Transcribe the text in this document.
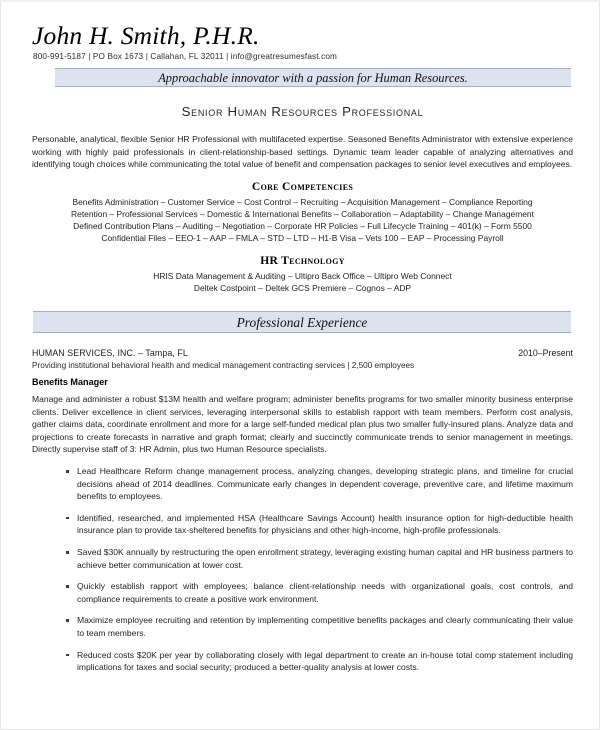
John H. Smith, P.H.R.
800-991-5187 | PO Box 1673 | Callahan, FL 32011 | info@greatresumesfast.com
Approachable innovator with a passion for Human Resources.
Senior Human Resources Professional

Personable, analytical, flexible Senior HR Professional with multifaceted expertise. Seasoned Benefits Administrator with extensive experience working with highly paid professionals in client-relationship-based settings. Dynamic team leader capable of analyzing alternatives and identifying tough choices while communicating the total value of benefit and compensation packages to senior level executives and employees.

Core Competencies
Benefits Administration – Customer Service – Cost Control – Recruiting – Acquisition Management – Compliance Reporting
Retention – Professional Services – Domestic & International Benefits – Collaboration – Adaptability – Change Management
Defined Contribution Plans – Auditing – Negotiation – Corporate HR Policies – Full Lifecycle Training – 401(k) – Form 5500
Confidential Files – EEO-1 – AAP – FMLA – STD – LTD – H1-B Visa – Vets 100 – EAP – Processing Payroll
HR Technology
HRIS Data Management & Auditing – Ultipro Back Office – Ultipro Web Connect
Deltek Costpoint – Deltek GCS Premiere – Cognos – ADP
Professional Experience
HUMAN SERVICES, INC. – Tampa, FL	2010–Present
Providing institutional behavioral health and medical management contracting services | 2,500 employees
Benefits Manager

Manage and administer a robust $13M health and welfare program; administer benefits programs for two smaller minority business enterprise clients. Deliver excellence in client services, leveraging interpersonal skills to establish rapport with team members. Perform cost analysis, gather claims data, coordinate enrollment and more for a large self-funded medical plan plus two smaller fully-insured plans. Analyze data and projections to create forecasts in narrative and graph format; clearly and succinctly communicate trends to senior management in meetings. Directly supervise staff of 3: HR Admin, plus two Human Resource specialists.

Lead Healthcare Reform change management process, analyzing changes, developing strategic plans, and timeline for crucial decisions ahead of 2014 deadlines. Communicate early changes in dependent coverage, preventive care, and lifetime maximum benefits to employees.
Identified, researched, and implemented HSA (Healthcare Savings Account) health insurance option for high-deductible health insurance plan to provide tax-sheltered benefits for physicians and other high-income, high-profile professionals.
Saved $30K annually by restructuring the open enrollment strategy, leveraging existing human capital and HR business partners to achieve better communication at lower cost.
Quickly establish rapport with employees; balance client-relationship needs with organizational goals, cost controls, and compliance requirements to create a positive work environment.
Maximize employee recruiting and retention by implementing competitive benefits packages and clearly communicating their value to team members.
Reduced costs $20K per year by collaborating closely with legal department to create an in-house total comp statement including implications for taxes and social security; produced a better-quality analysis at lower costs.
